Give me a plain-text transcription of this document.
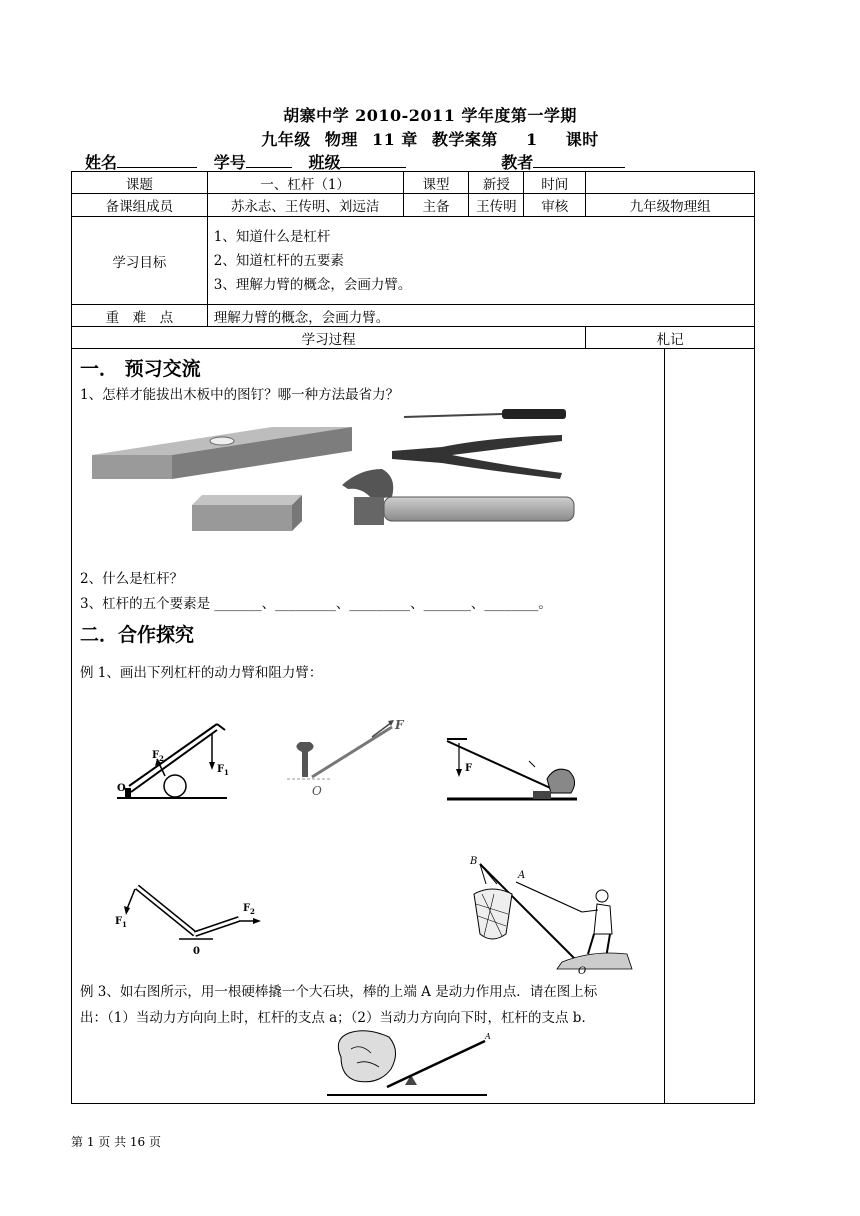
胡寨中学 2010-2011 学年度第一学期
九年级 物理 11 章 教学案第 1 课时
姓名	学号	班级	教者
课题	一、杠杆（1）	课型	新授	时间	
备课组成员	苏永志、王传明、刘远洁	主备	王传明	审核	九年级物理组
学习目标	1、知道什么是杠杆
2、知道杠杆的五要素
3、理解力臂的概念，会画力臂。				

重　难　点	理解力臂的概念，会画力臂。				
学习过程					札记
一． 预习交流
1、怎样才能拔出木板中的图钉？哪一种方法最省力？
2、什么是杠杆？
3、杠杆的五个要素是 _______、_________、_________、_______、________。
二．合作探究
例 1、画出下列杠杆的动力臂和阻力臂：
F 2
F 1
O
F
O
F
F 1
F 2
0
B
A
O
例 3、如右图所示，用一根硬棒撬一个大石块，棒的上端 A 是动力作用点．请在图上标
出：（1）当动力方向向上时，杠杆的支点 a；（2）当动力方向向下时，杠杆的支点 b．
A
第 1 页 共 16 页
